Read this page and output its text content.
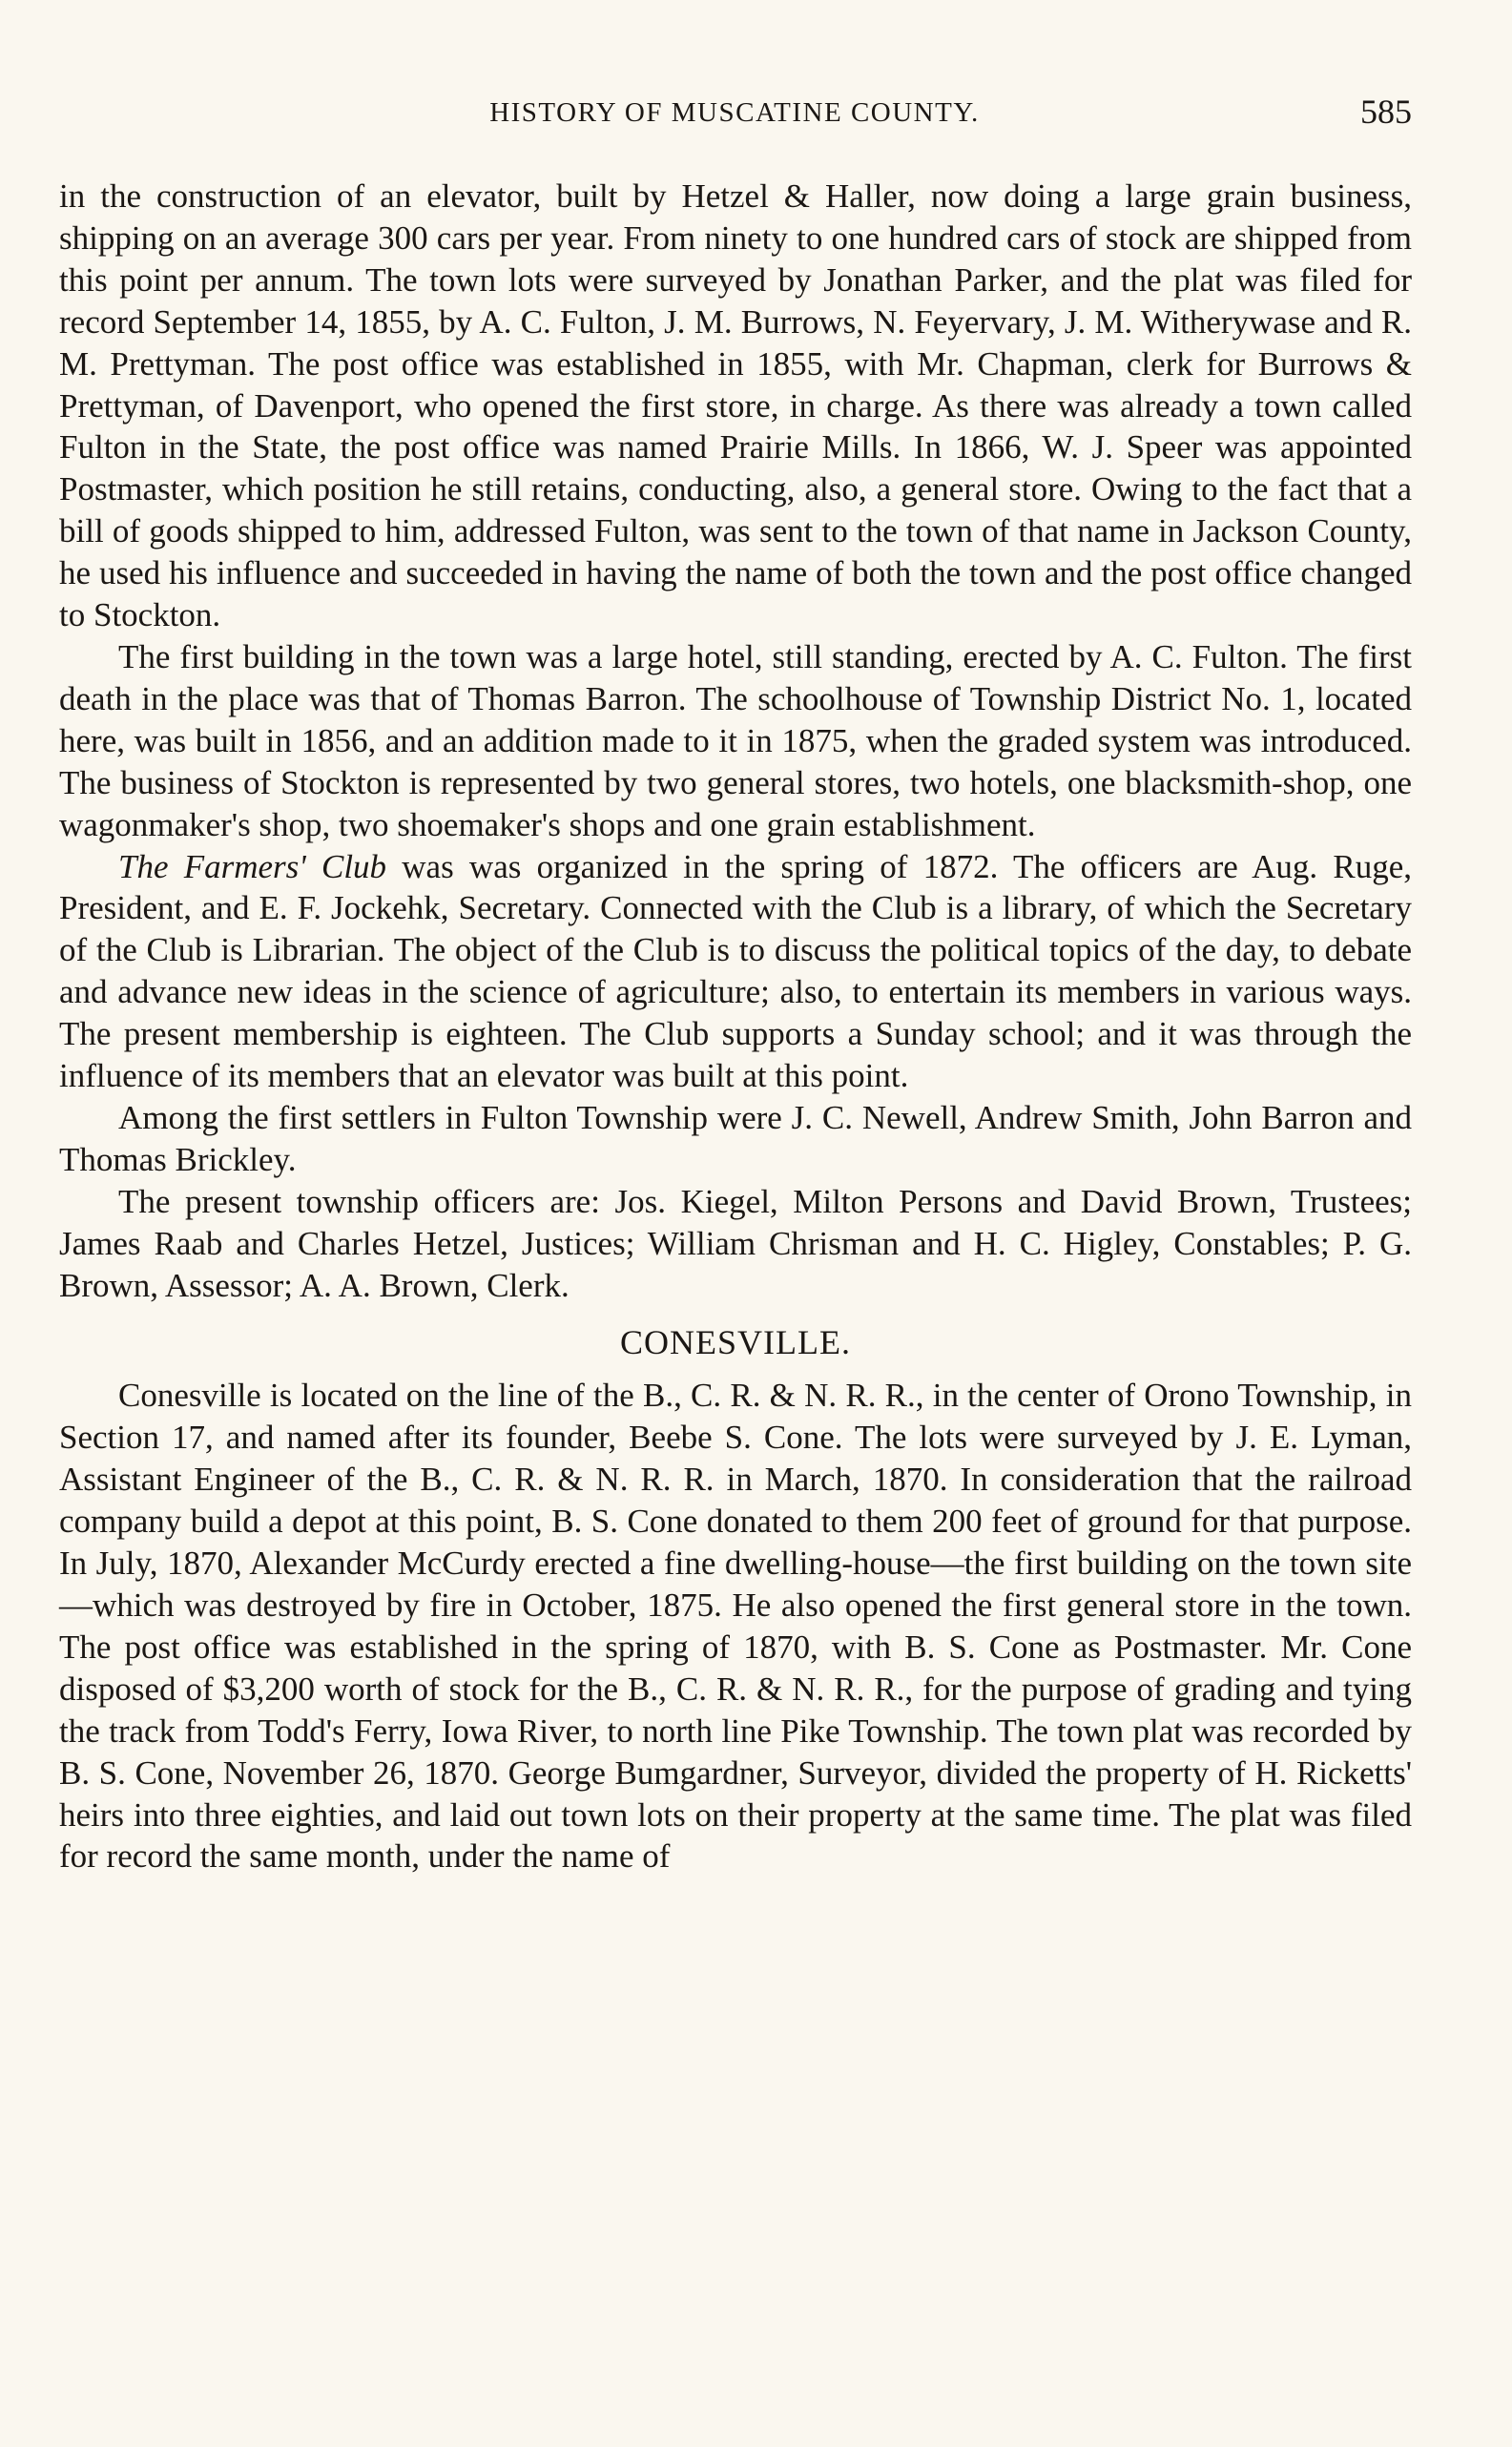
HISTORY OF MUSCATINE COUNTY.	585

in the construction of an elevator, built by Hetzel & Haller, now doing a large grain business, shipping on an average 300 cars per year. From ninety to one hundred cars of stock are shipped from this point per annum. The town lots were surveyed by Jonathan Parker, and the plat was filed for record September 14, 1855, by A. C. Fulton, J. M. Burrows, N. Feyervary, J. M. Witherywase and R. M. Prettyman. The post office was established in 1855, with Mr. Chapman, clerk for Burrows & Prettyman, of Davenport, who opened the first store, in charge. As there was already a town called Fulton in the State, the post office was named Prairie Mills. In 1866, W. J. Speer was appointed Postmaster, which position he still retains, conducting, also, a general store. Owing to the fact that a bill of goods shipped to him, addressed Fulton, was sent to the town of that name in Jackson County, he used his influence and succeeded in having the name of both the town and the post office changed to Stockton.

The first building in the town was a large hotel, still standing, erected by A. C. Fulton. The first death in the place was that of Thomas Barron. The schoolhouse of Township District No. 1, located here, was built in 1856, and an addition made to it in 1875, when the graded system was introduced. The business of Stockton is represented by two general stores, two hotels, one blacksmith-shop, one wagonmaker's shop, two shoemaker's shops and one grain establishment.

The Farmers' Club was was organized in the spring of 1872. The officers are Aug. Ruge, President, and E. F. Jockehk, Secretary. Connected with the Club is a library, of which the Secretary of the Club is Librarian. The object of the Club is to discuss the political topics of the day, to debate and advance new ideas in the science of agriculture; also, to entertain its members in various ways. The present membership is eighteen. The Club supports a Sunday school; and it was through the influence of its members that an elevator was built at this point.

Among the first settlers in Fulton Township were J. C. Newell, Andrew Smith, John Barron and Thomas Brickley.

The present township officers are: Jos. Kiegel, Milton Persons and David Brown, Trustees; James Raab and Charles Hetzel, Justices; William Chrisman and H. C. Higley, Constables; P. G. Brown, Assessor; A. A. Brown, Clerk.

CONESVILLE.

Conesville is located on the line of the B., C. R. & N. R. R., in the center of Orono Township, in Section 17, and named after its founder, Beebe S. Cone. The lots were surveyed by J. E. Lyman, Assistant Engineer of the B., C. R. & N. R. R. in March, 1870. In consideration that the railroad company build a depot at this point, B. S. Cone donated to them 200 feet of ground for that purpose. In July, 1870, Alexander McCurdy erected a fine dwelling-house—the first building on the town site—which was destroyed by fire in October, 1875. He also opened the first general store in the town. The post office was established in the spring of 1870, with B. S. Cone as Postmaster. Mr. Cone disposed of $3,200 worth of stock for the B., C. R. & N. R. R., for the purpose of grading and tying the track from Todd's Ferry, Iowa River, to north line Pike Township. The town plat was recorded by B. S. Cone, November 26, 1870. George Bumgardner, Surveyor, divided the property of H. Ricketts' heirs into three eighties, and laid out town lots on their property at the same time. The plat was filed for record the same month, under the name of
